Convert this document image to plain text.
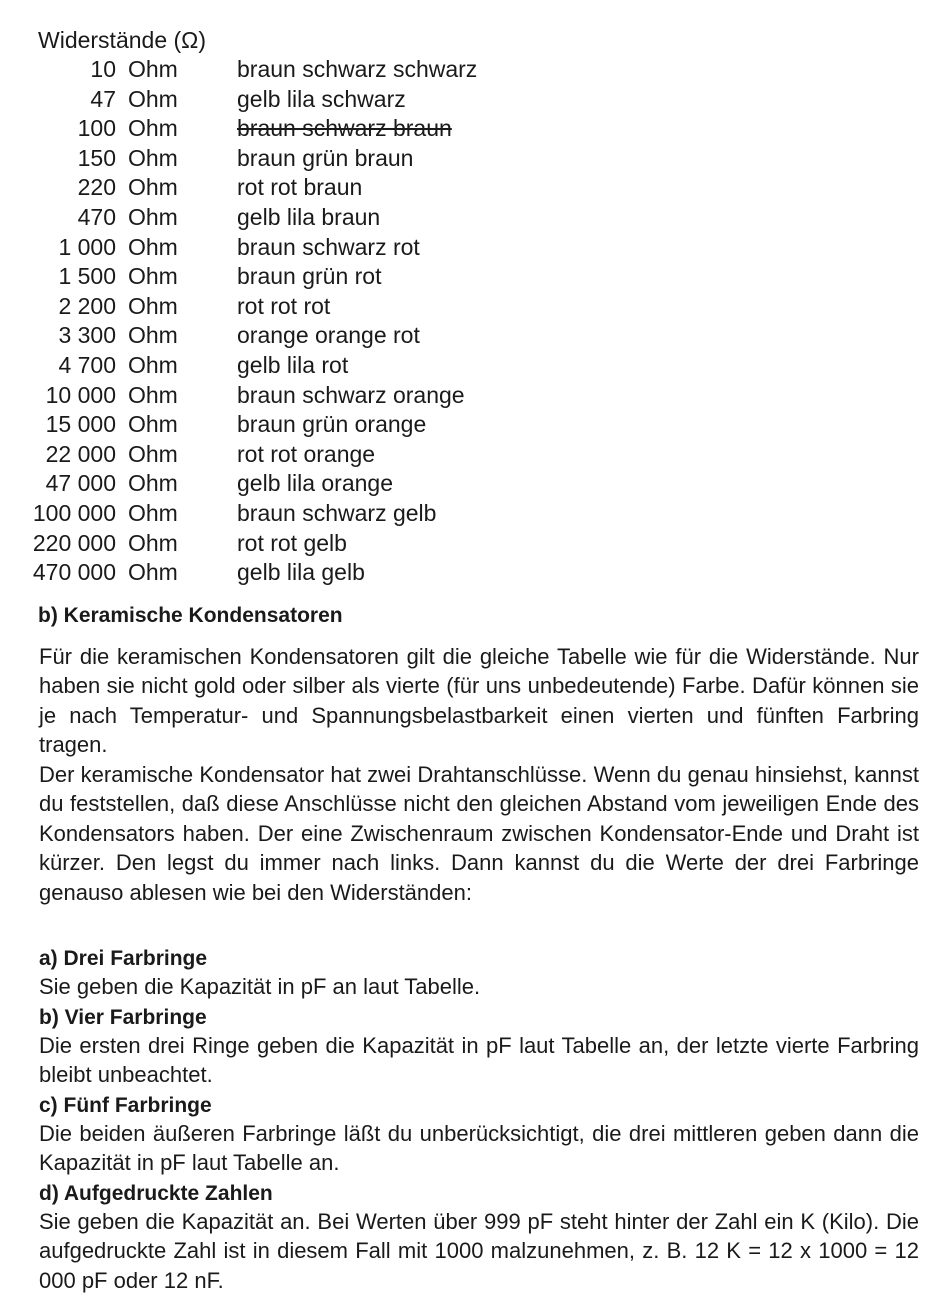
Widerstände (Ω)
10 Ohm	braun schwarz schwarz
47 Ohm	gelb lila schwarz
100 Ohm	braun schwarz braun
150 Ohm	braun grün braun
220 Ohm	rot rot braun
470 Ohm	gelb lila braun
1 000 Ohm	braun schwarz rot
1 500 Ohm	braun grün rot
2 200 Ohm	rot rot rot
3 300 Ohm	orange orange rot
4 700 Ohm	gelb lila rot
10 000 Ohm	braun schwarz orange
15 000 Ohm	braun grün orange
22 000 Ohm	rot rot orange
47 000 Ohm	gelb lila orange
100 000 Ohm	braun schwarz gelb
220 000 Ohm	rot rot gelb
470 000 Ohm	gelb lila gelb
b) Keramische Kondensatoren

Für die keramischen Kondensatoren gilt die gleiche Tabelle wie für die Widerstände. Nur haben sie nicht gold oder silber als vierte (für uns unbedeutende) Farbe. Dafür können sie je nach Temperatur- und Spannungsbelastbarkeit einen vierten und fünften Farbring tragen.

Der keramische Kondensator hat zwei Drahtanschlüsse. Wenn du genau hinsiehst, kannst du feststellen, daß diese Anschlüsse nicht den gleichen Abstand vom jeweiligen Ende des Kondensators haben. Der eine Zwischenraum zwischen Kondensator-Ende und Draht ist kürzer. Den legst du immer nach links. Dann kannst du die Werte der drei Farbringe genauso ablesen wie bei den Widerständen:

a) Drei Farbringe

Sie geben die Kapazität in pF an laut Tabelle.

b) Vier Farbringe

Die ersten drei Ringe geben die Kapazität in pF laut Tabelle an, der letzte vierte Farbring bleibt unbeachtet.

c) Fünf Farbringe

Die beiden äußeren Farbringe läßt du unberücksichtigt, die drei mittleren geben dann die Kapazität in pF laut Tabelle an.

d) Aufgedruckte Zahlen

Sie geben die Kapazität an. Bei Werten über 999 pF steht hinter der Zahl ein K (Kilo). Die aufgedruckte Zahl ist in diesem Fall mit 1000 malzunehmen, z. B. 12 K = 12 x 1000 = 12 000 pF oder 12 nF.
